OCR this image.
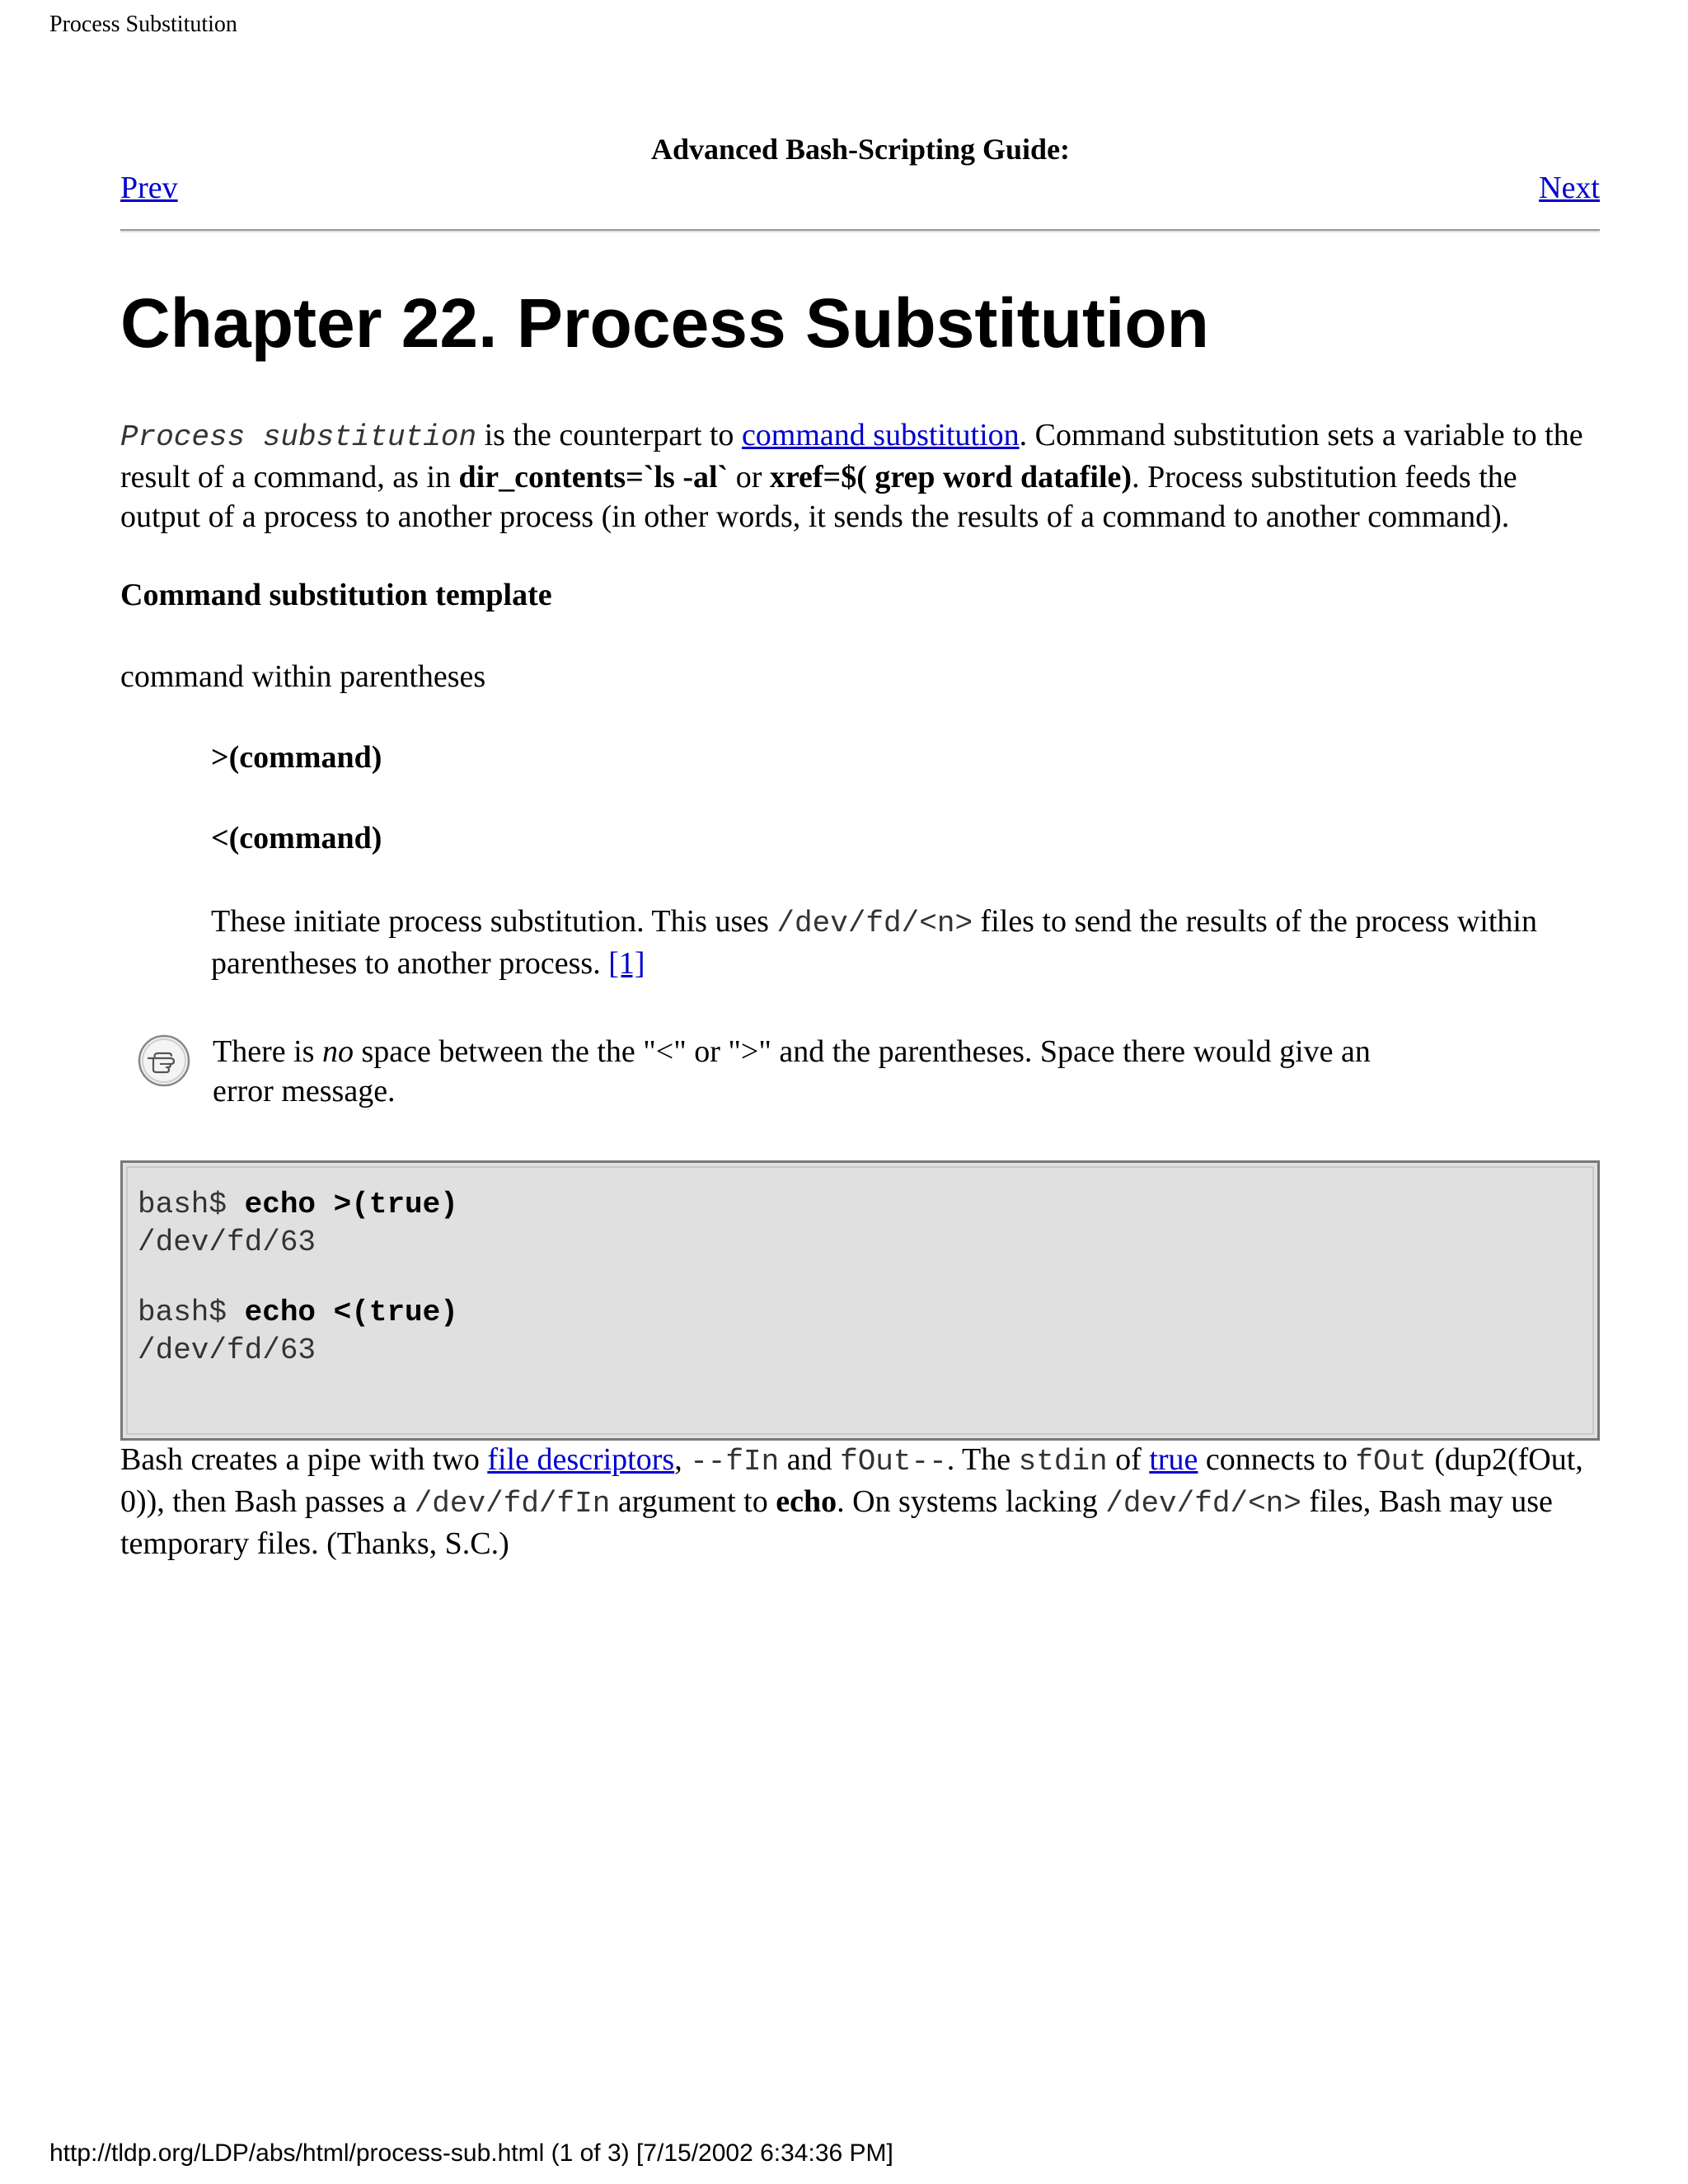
Process Substitution
Advanced Bash-Scripting Guide:
Prev	Next
Chapter 22. Process Substitution

Process substitution is the counterpart to command substitution. Command substitution sets a variable to the result of a command, as in dir_contents=`ls -al` or xref=$( grep word datafile). Process substitution feeds the output of a process to another process (in other words, it sends the results of a command to another command).

Command substitution template
command within parentheses
>(command)
<(command)
These initiate process substitution. This uses /dev/fd/<n> files to send the results of the process within parentheses to another process. [1]
There is no space between the the "<" or ">" and the parentheses. Space there would give an error message.
bash$ echo >(true)
/dev/fd/63
bash$ echo <(true)
/dev/fd/63
Bash creates a pipe with two file descriptors, --fIn and fOut--. The stdin of true connects to fOut (dup2(fOut, 0)), then Bash passes a /dev/fd/fIn argument to echo. On systems lacking /dev/fd/<n> files, Bash may use temporary files. (Thanks, S.C.)
http://tldp.org/LDP/abs/html/process-sub.html (1 of 3) [7/15/2002 6:34:36 PM]
